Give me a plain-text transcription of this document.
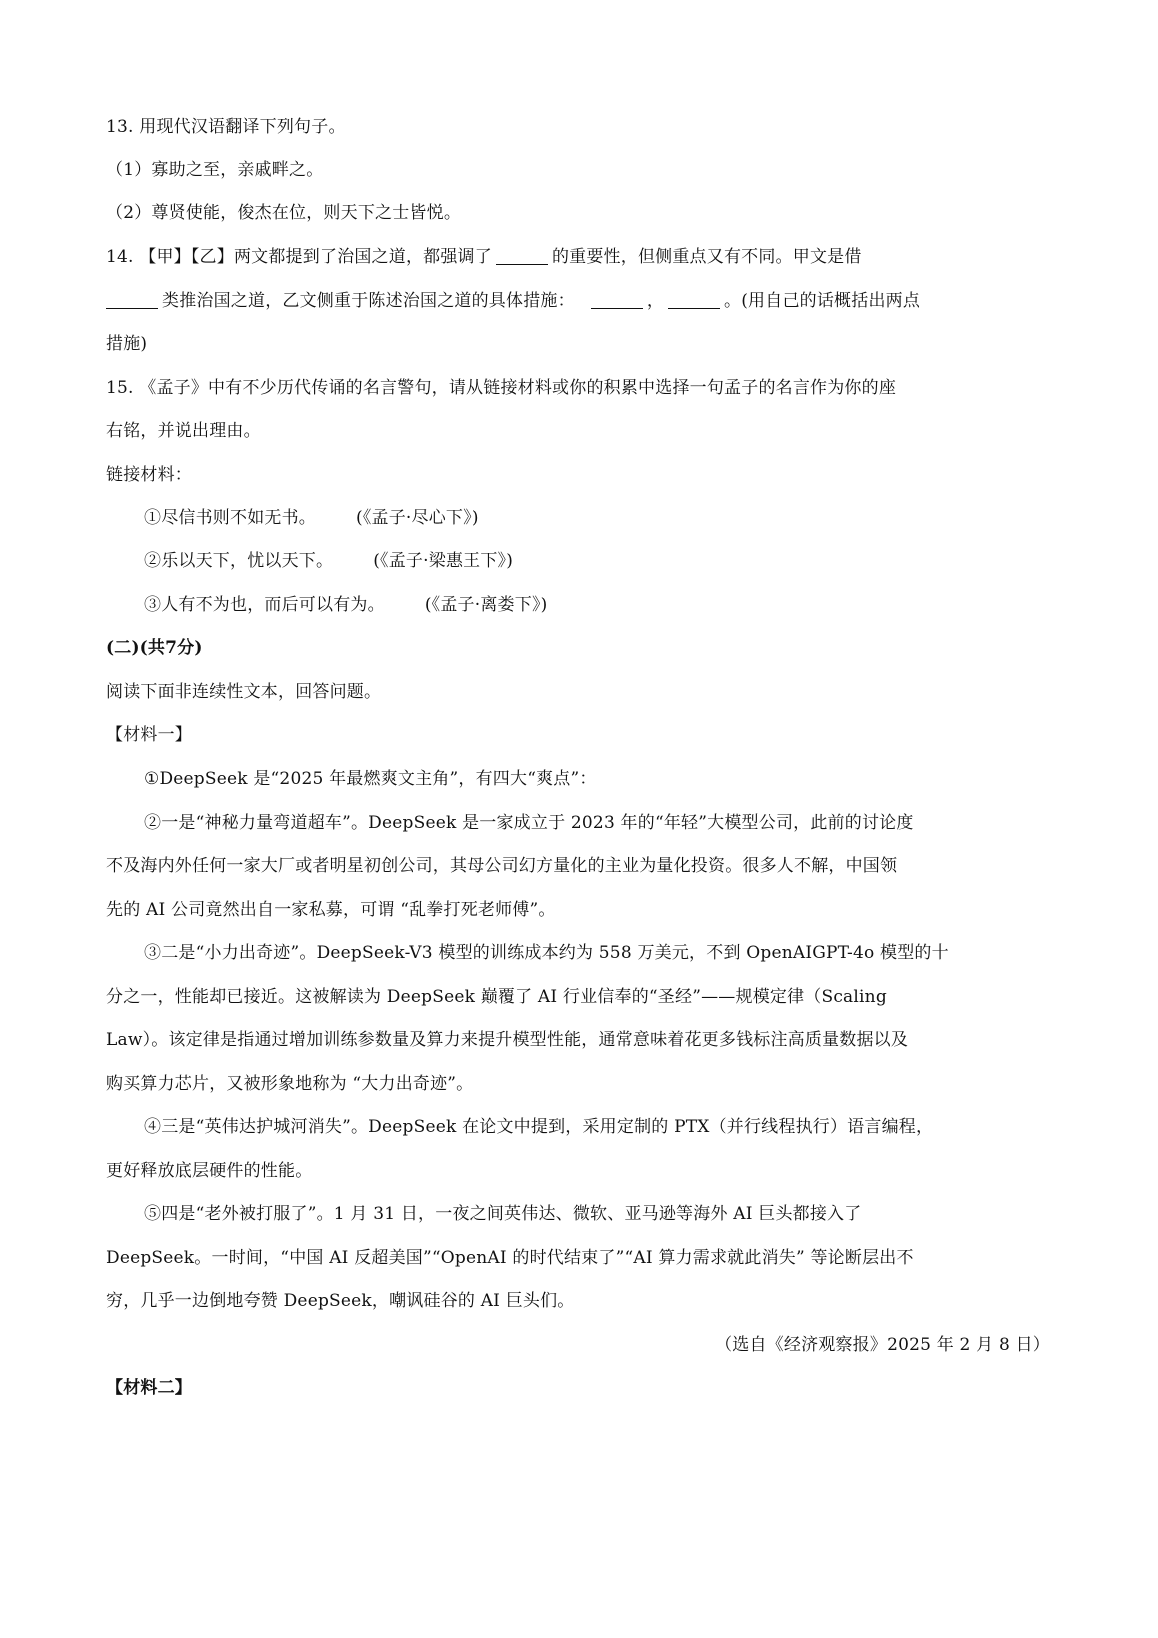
13. 用现代汉语翻译下列句子。
（1）寡助之至，亲戚畔之。
（2）尊贤使能，俊杰在位，则天下之士皆悦。
14. 【甲】【乙】两文都提到了治国之道，都强调了	的重要性，但侧重点又有不同。甲文是借
类推治国之道，乙文侧重于陈述治国之道的具体措施：	，	。(用自己的话概括出两点
措施)
15. 《孟子》中有不少历代传诵的名言警句，请从链接材料或你的积累中选择一句孟子的名言作为你的座
右铭，并说出理由。
链接材料：
①尽信书则不如无书。 (《孟子·尽心下》)
②乐以天下，忧以天下。 (《孟子·梁惠王下》)
③人有不为也，而后可以有为。 (《孟子·离娄下》)
(二)(共7分)
阅读下面非连续性文本，回答问题。
【材料一】
①DeepSeek 是“2025 年最燃爽文主角”，有四大“爽点”：
②一是“神秘力量弯道超车”。DeepSeek 是一家成立于 2023 年的“年轻”大模型公司，此前的讨论度
不及海内外任何一家大厂或者明星初创公司，其母公司幻方量化的主业为量化投资。很多人不解，中国领
先的 AI 公司竟然出自一家私募，可谓 “乱拳打死老师傅”。
③二是“小力出奇迹”。DeepSeek-V3 模型的训练成本约为 558 万美元，不到 OpenAIGPT-4o 模型的十
分之一，性能却已接近。这被解读为 DeepSeek 巅覆了 AI 行业信奉的“圣经”——规模定律（Scaling
Law）。该定律是指通过增加训练参数量及算力来提升模型性能，通常意味着花更多钱标注高质量数据以及
购买算力芯片，又被形象地称为 “大力出奇迹”。
④三是“英伟达护城河消失”。DeepSeek 在论文中提到，采用定制的 PTX（并行线程执行）语言编程，
更好释放底层硬件的性能。
⑤四是“老外被打服了”。1 月 31 日，一夜之间英伟达、微软、亚马逊等海外 AI 巨头都接入了
DeepSeek。一时间，“中国 AI 反超美国”“OpenAI 的时代结束了”“AI 算力需求就此消失” 等论断层出不
穷，几乎一边倒地夸赞 DeepSeek，嘲讽硅谷的 AI 巨头们。
（选自《经济观察报》2025 年 2 月 8 日）
【材料二】
